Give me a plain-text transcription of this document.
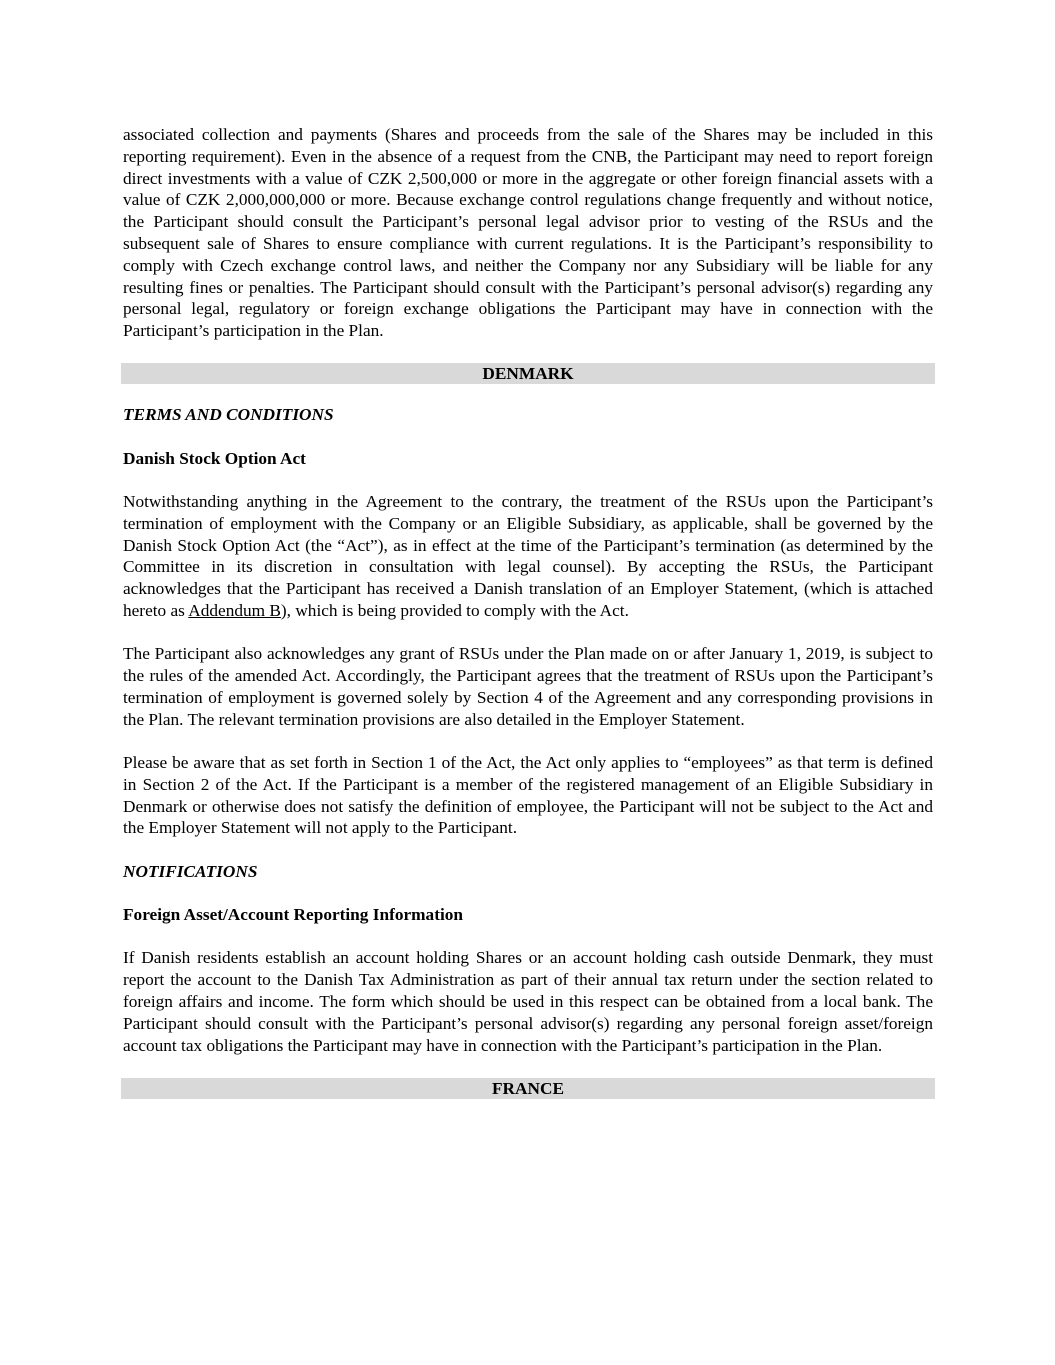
associated collection and payments (Shares and proceeds from the sale of the Shares may be included in this reporting requirement). Even in the absence of a request from the CNB, the Participant may need to report foreign direct investments with a value of CZK 2,500,000 or more in the aggregate or other foreign financial assets with a value of CZK 2,000,000,000 or more. Because exchange control regulations change frequently and without notice, the Participant should consult the Participant’s personal legal advisor prior to vesting of the RSUs and the subsequent sale of Shares to ensure compliance with current regulations. It is the Participant’s responsibility to comply with Czech exchange control laws, and neither the Company nor any Subsidiary will be liable for any resulting fines or penalties. The Participant should consult with the Participant’s personal advisor(s) regarding any personal legal, regulatory or foreign exchange obligations the Participant may have in connection with the Participant’s participation in the Plan.

DENMARK

TERMS AND CONDITIONS

Danish Stock Option Act

Notwithstanding anything in the Agreement to the contrary, the treatment of the RSUs upon the Participant’s termination of employment with the Company or an Eligible Subsidiary, as applicable, shall be governed by the Danish Stock Option Act (the “Act”), as in effect at the time of the Participant’s termination (as determined by the Committee in its discretion in consultation with legal counsel). By accepting the RSUs, the Participant acknowledges that the Participant has received a Danish translation of an Employer Statement, (which is attached hereto as Addendum B), which is being provided to comply with the Act.

The Participant also acknowledges any grant of RSUs under the Plan made on or after January 1, 2019, is subject to the rules of the amended Act. Accordingly, the Participant agrees that the treatment of RSUs upon the Participant’s termination of employment is governed solely by Section 4 of the Agreement and any corresponding provisions in the Plan. The relevant termination provisions are also detailed in the Employer Statement.

Please be aware that as set forth in Section 1 of the Act, the Act only applies to “employees” as that term is defined in Section 2 of the Act. If the Participant is a member of the registered management of an Eligible Subsidiary in Denmark or otherwise does not satisfy the definition of employee, the Participant will not be subject to the Act and the Employer Statement will not apply to the Participant.

NOTIFICATIONS

Foreign Asset/Account Reporting Information

If Danish residents establish an account holding Shares or an account holding cash outside Denmark, they must report the account to the Danish Tax Administration as part of their annual tax return under the section related to foreign affairs and income. The form which should be used in this respect can be obtained from a local bank. The Participant should consult with the Participant’s personal advisor(s) regarding any personal foreign asset/foreign account tax obligations the Participant may have in connection with the Participant’s participation in the Plan.

FRANCE
